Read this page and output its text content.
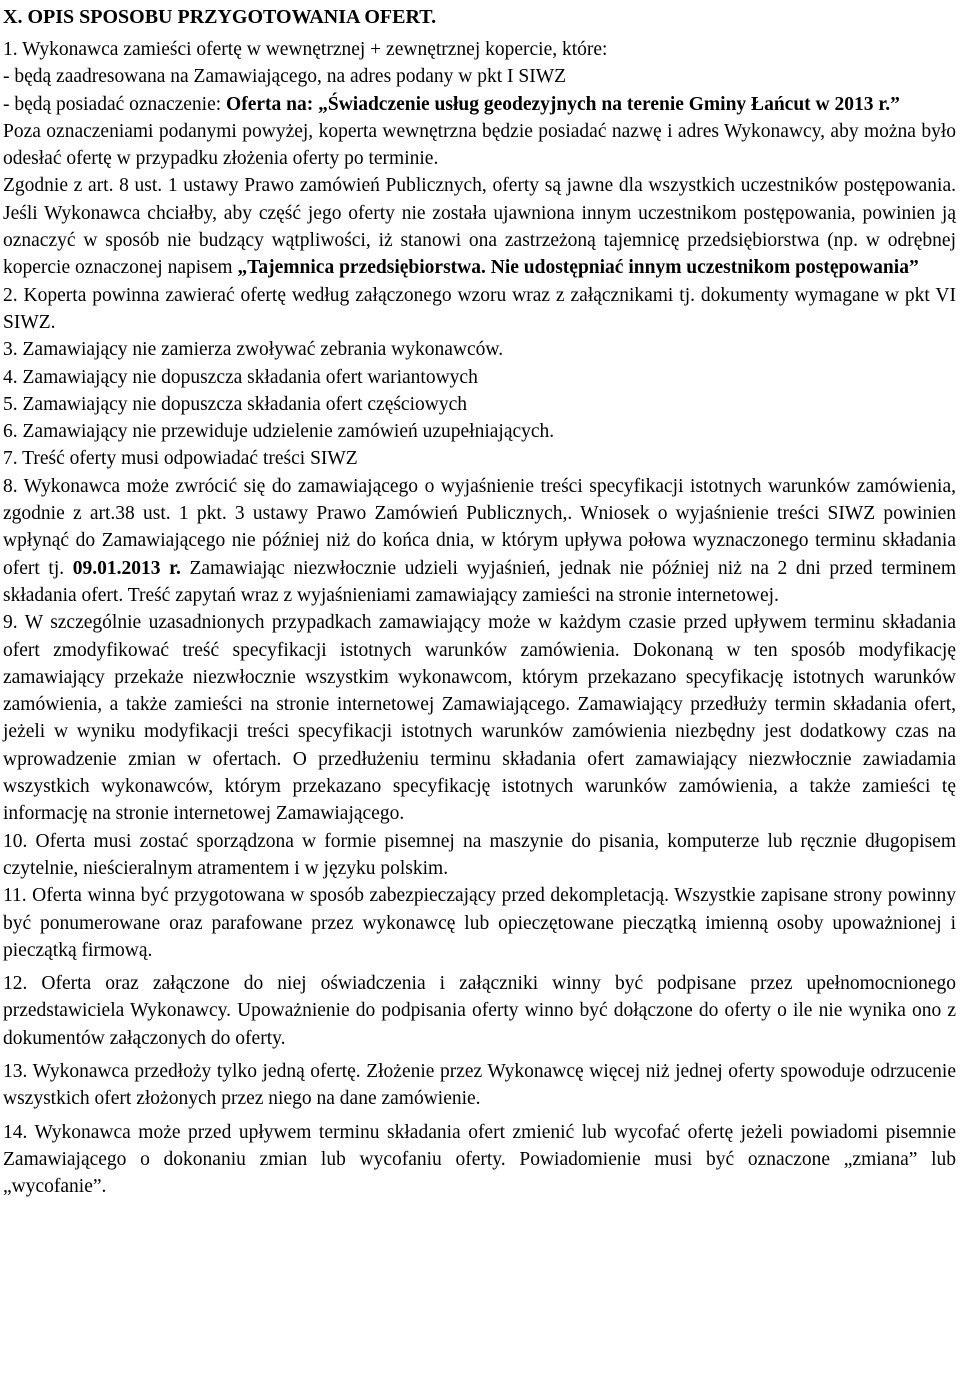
X. OPIS SPOSOBU PRZYGOTOWANIA OFERT.
1. Wykonawca zamieści ofertę w wewnętrznej + zewnętrznej kopercie, które:
- będą zaadresowana na Zamawiającego, na adres podany w pkt I SIWZ
- będą posiadać oznaczenie: Oferta na: „Świadczenie usług geodezyjnych na terenie Gminy Łańcut w 2013 r.”
Poza oznaczeniami podanymi powyżej, koperta wewnętrzna będzie posiadać nazwę i adres Wykonawcy, aby można było odesłać ofertę w przypadku złożenia oferty po terminie.
Zgodnie z art. 8 ust. 1 ustawy Prawo zamówień Publicznych, oferty są jawne dla wszystkich uczestników postępowania. Jeśli Wykonawca chciałby, aby część jego oferty nie została ujawniona innym uczestnikom postępowania, powinien ją oznaczyć w sposób nie budzący wątpliwości, iż stanowi ona zastrzeżoną tajemnicę przedsiębiorstwa (np. w odrębnej kopercie oznaczonej napisem „Tajemnica przedsiębiorstwa. Nie udostępniać innym uczestnikom postępowania”
2. Koperta powinna zawierać ofertę według załączonego wzoru wraz z załącznikami tj. dokumenty wymagane w pkt VI SIWZ.
3. Zamawiający nie zamierza zwoływać zebrania wykonawców.
4. Zamawiający nie dopuszcza składania ofert wariantowych
5. Zamawiający nie dopuszcza składania ofert częściowych
6. Zamawiający nie przewiduje udzielenie zamówień uzupełniających.
7. Treść oferty musi odpowiadać treści SIWZ
8. Wykonawca może zwrócić się do zamawiającego o wyjaśnienie treści specyfikacji istotnych warunków zamówienia, zgodnie z art.38 ust. 1 pkt. 3 ustawy Prawo Zamówień Publicznych,. Wniosek o wyjaśnienie treści SIWZ powinien wpłynąć do Zamawiającego nie później niż do końca dnia, w którym upływa połowa wyznaczonego terminu składania ofert tj. 09.01.2013 r. Zamawiając niezwłocznie udzieli wyjaśnień, jednak nie później niż na 2 dni przed terminem składania ofert. Treść zapytań wraz z wyjaśnieniami zamawiający zamieści na stronie internetowej.
9. W szczególnie uzasadnionych przypadkach zamawiający może w każdym czasie przed upływem terminu składania ofert zmodyfikować treść specyfikacji istotnych warunków zamówienia. Dokonaną w ten sposób modyfikację zamawiający przekaże niezwłocznie wszystkim wykonawcom, którym przekazano specyfikację istotnych warunków zamówienia, a także zamieści na stronie internetowej Zamawiającego. Zamawiający przedłuży termin składania ofert, jeżeli w wyniku modyfikacji treści specyfikacji istotnych warunków zamówienia niezbędny jest dodatkowy czas na wprowadzenie zmian w ofertach. O przedłużeniu terminu składania ofert zamawiający niezwłocznie zawiadamia wszystkich wykonawców, którym przekazano specyfikację istotnych warunków zamówienia, a także zamieści tę informację na stronie internetowej Zamawiającego.
10. Oferta musi zostać sporządzona w formie pisemnej na maszynie do pisania, komputerze lub ręcznie długopisem czytelnie, nieścieralnym atramentem i w języku polskim.
11. Oferta winna być przygotowana w sposób zabezpieczający przed dekompletacją. Wszystkie zapisane strony powinny być ponumerowane oraz parafowane przez wykonawcę lub opieczętowane pieczątką imienną osoby upoważnionej i pieczątką firmową.
12. Oferta oraz załączone do niej oświadczenia i załączniki winny być podpisane przez upełnomocnionego przedstawiciela Wykonawcy. Upoważnienie do podpisania oferty winno być dołączone do oferty o ile nie wynika ono z dokumentów załączonych do oferty.
13. Wykonawca przedłoży tylko jedną ofertę. Złożenie przez Wykonawcę więcej niż jednej oferty spowoduje odrzucenie wszystkich ofert złożonych przez niego na dane zamówienie.
14. Wykonawca może przed upływem terminu składania ofert zmienić lub wycofać ofertę jeżeli powiadomi pisemnie Zamawiającego o dokonaniu zmian lub wycofaniu oferty. Powiadomienie musi być oznaczone „zmiana” lub „wycofanie”.
